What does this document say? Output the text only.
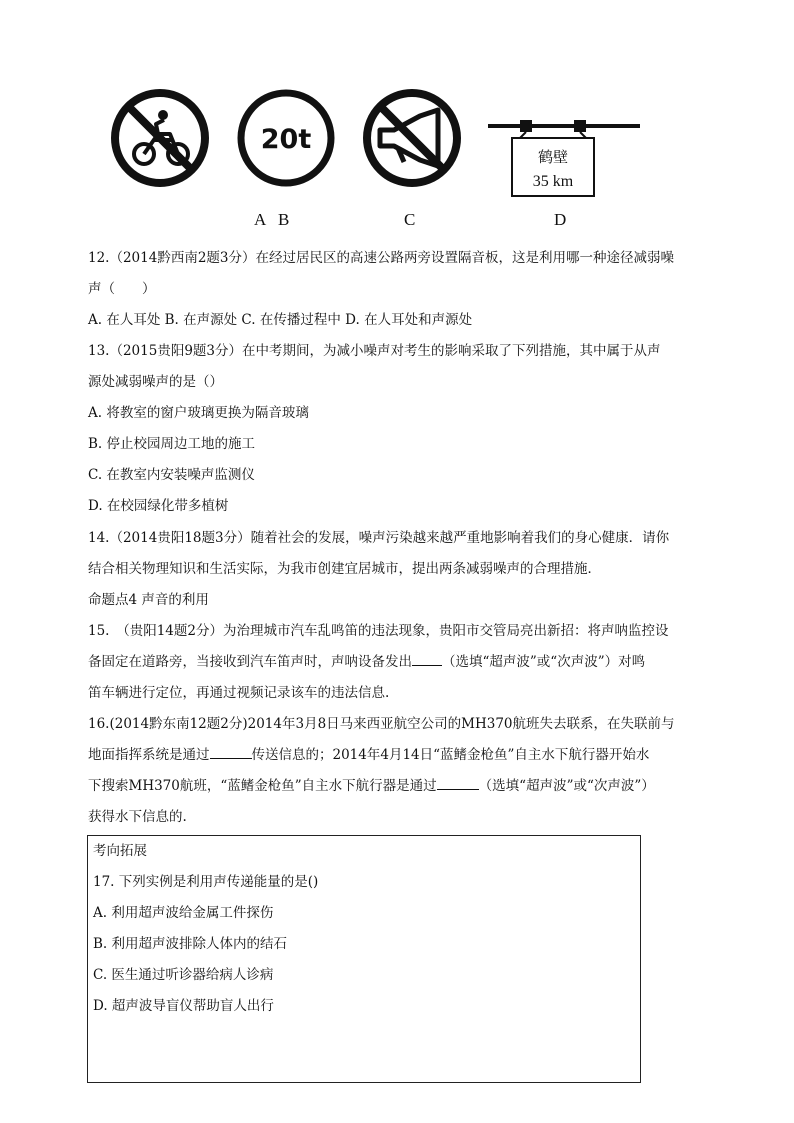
20t
鹤壁
35 km
A B	C	D
12.（2014黔西南2题3分）在经过居民区的高速公路两旁设置隔音板，这是利用哪一种途径减弱噪
声（　　）
A. 在人耳处 B. 在声源处 C. 在传播过程中 D. 在人耳处和声源处
13.（2015贵阳9题3分）在中考期间，为减小噪声对考生的影响采取了下列措施，其中属于从声
源处减弱噪声的是（）
A. 将教室的窗户玻璃更换为隔音玻璃
B. 停止校园周边工地的施工
C. 在教室内安装噪声监测仪
D. 在校园绿化带多植树
14.（2014贵阳18题3分）随着社会的发展，噪声污染越来越严重地影响着我们的身心健康．请你
结合相关物理知识和生活实际，为我市创建宜居城市，提出两条减弱噪声的合理措施．
命题点4 声音的利用
15.　（贵阳14题2分）为治理城市汽车乱鸣笛的违法现象，贵阳市交管局亮出新招：将声呐监控设
备固定在道路旁，当接收到汽车笛声时，声呐设备发出 （选填“超声波”或“次声波”）对鸣
笛车辆进行定位，再通过视频记录该车的违法信息.
16.(2014黔东南12题2分)2014年3月8日马来西亚航空公司的MH370航班失去联系，在失联前与
地面指挥系统是通过	传送信息的；2014年4月14日“蓝鳍金枪鱼”自主水下航行器开始水
下搜索MH370航班，“蓝鳍金枪鱼”自主水下航行器是通过	（选填“超声波”或“次声波”）
获得水下信息的.
考向拓展
17. 下列实例是利用声传递能量的是()
A. 利用超声波给金属工件探伤
B. 利用超声波排除人体内的结石
C. 医生通过听诊器给病人诊病
D. 超声波导盲仪帮助盲人出行
